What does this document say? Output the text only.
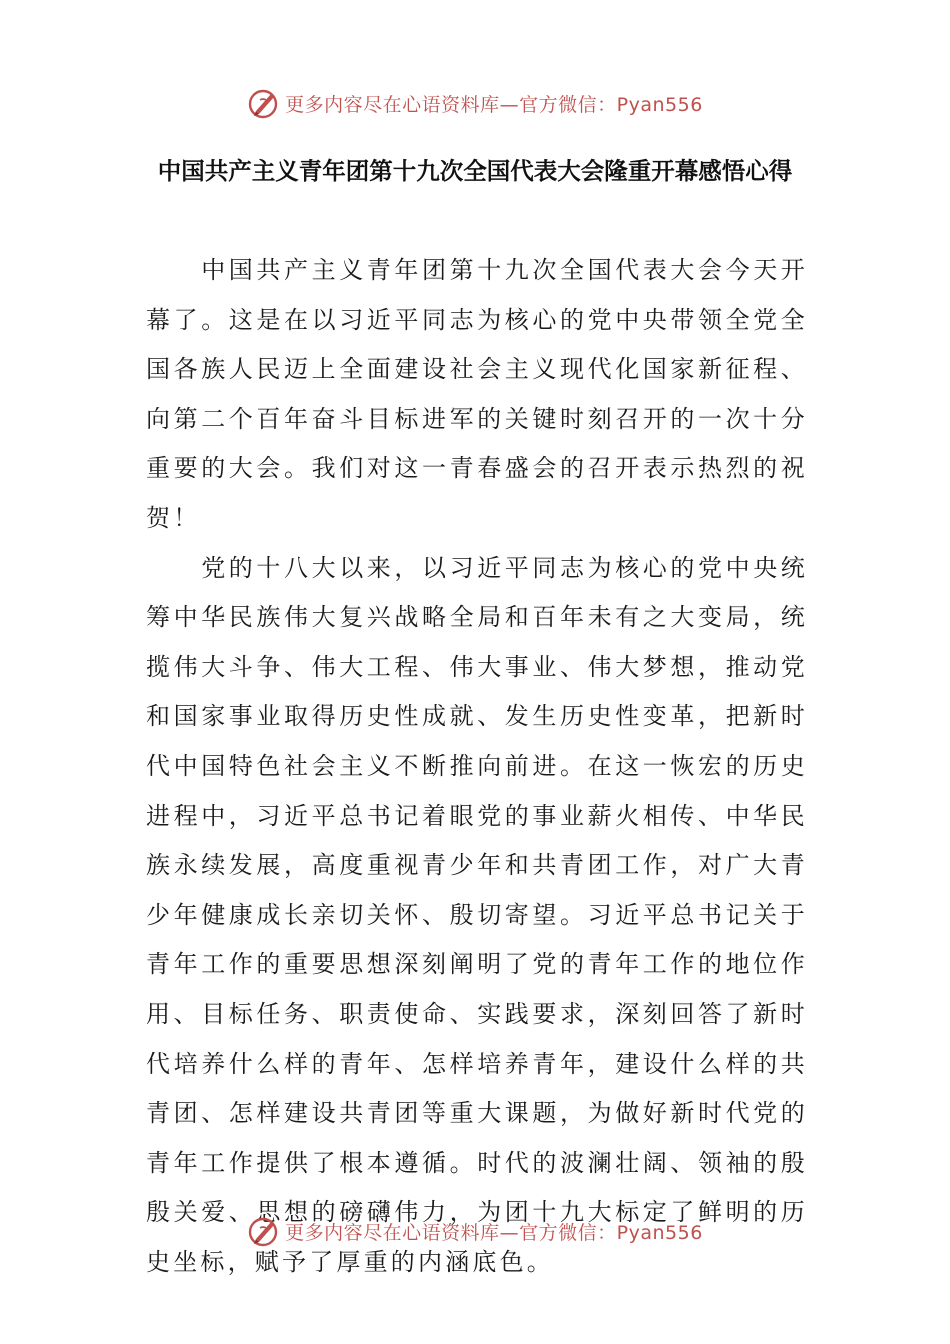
更多内容尽在心语资料库—官方微信：Pyan556
中国共产主义青年团第十九次全国代表大会隆重开幕感悟心得

中国共产主义青年团第十九次全国代表大会今天开幕了。这是在以习近平同志为核心的党中央带领全党全国各族人民迈上全面建设社会主义现代化国家新征程、向第二个百年奋斗目标进军的关键时刻召开的一次十分重要的大会。我们对这一青春盛会的召开表示热烈的祝贺！

党的十八大以来，以习近平同志为核心的党中央统筹中华民族伟大复兴战略全局和百年未有之大变局，统揽伟大斗争、伟大工程、伟大事业、伟大梦想，推动党和国家事业取得历史性成就、发生历史性变革，把新时代中国特色社会主义不断推向前进。在这一恢宏的历史进程中，习近平总书记着眼党的事业薪火相传、中华民族永续发展，高度重视青少年和共青团工作，对广大青少年健康成长亲切关怀、殷切寄望。习近平总书记关于青年工作的重要思想深刻阐明了党的青年工作的地位作用、目标任务、职责使命、实践要求，深刻回答了新时代培养什么样的青年、怎样培养青年，建设什么样的共青团、怎样建设共青团等重大课题，为做好新时代党的青年工作提供了根本遵循。时代的波澜壮阔、领袖的殷殷关爱、思想的磅礴伟力，为团十九大标定了鲜明的历史坐标，赋予了厚重的内涵底色。

更多内容尽在心语资料库—官方微信：Pyan556
